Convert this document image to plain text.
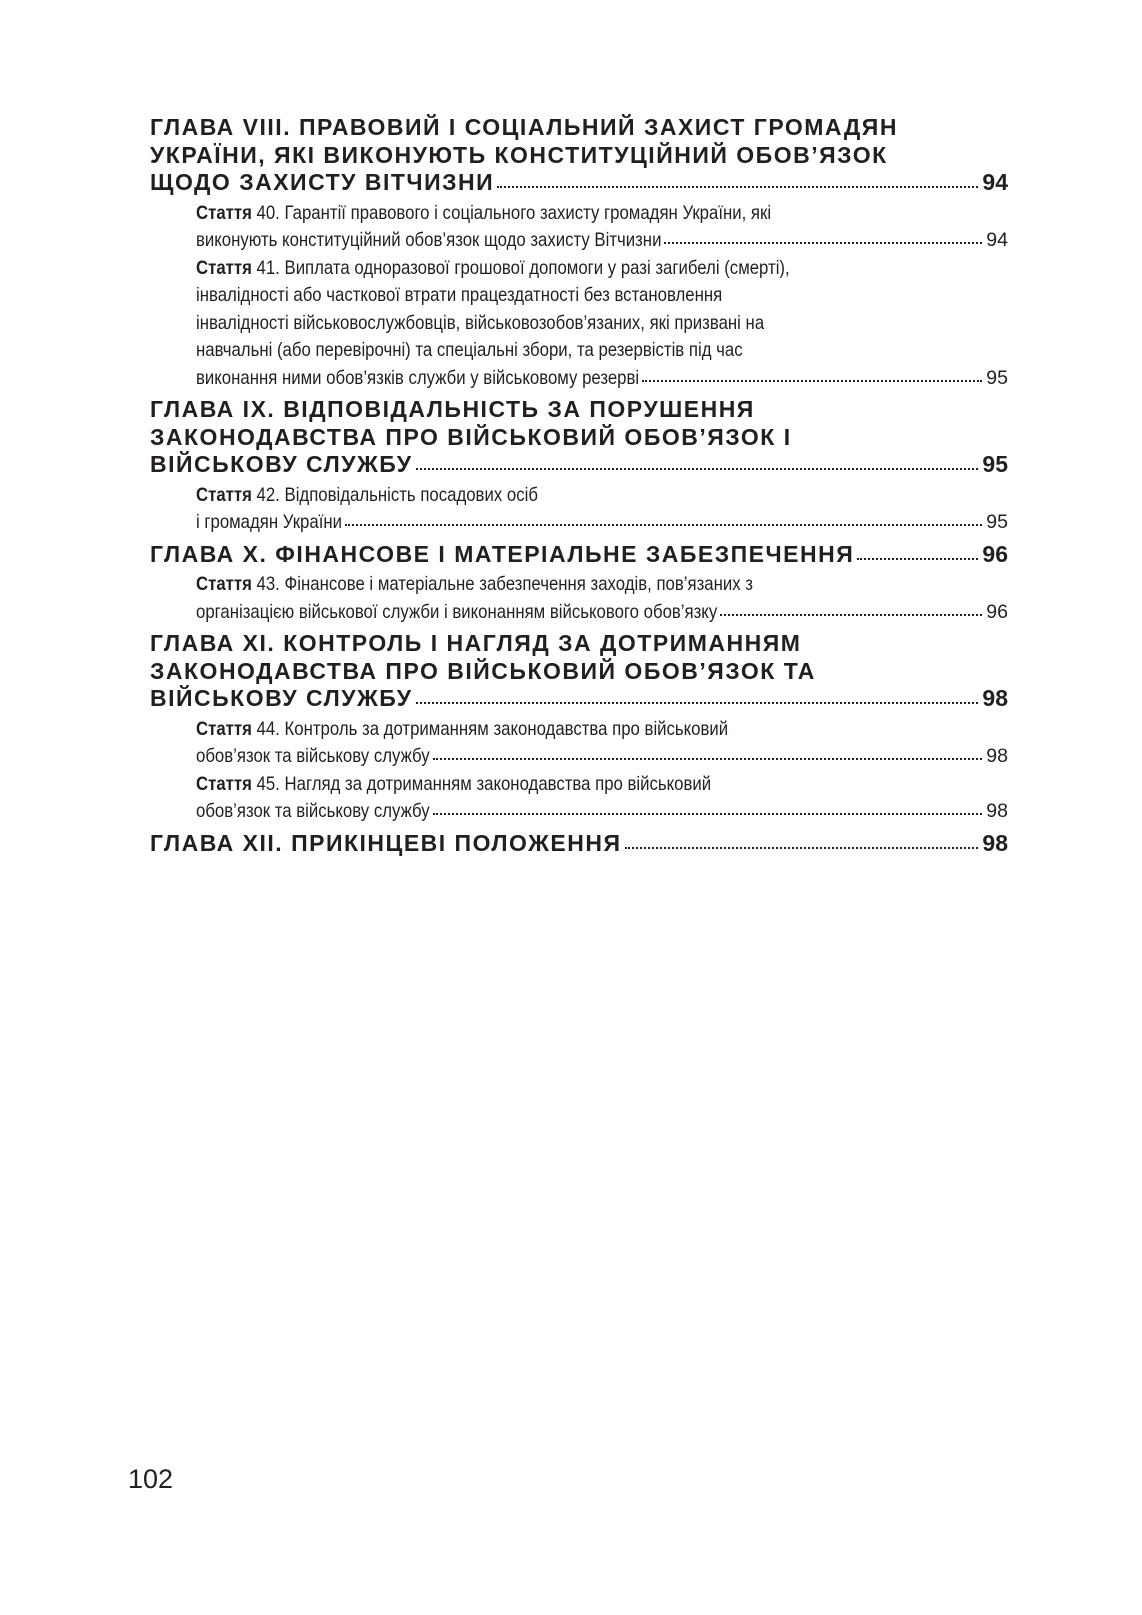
ГЛАВА VIII. ПРАВОВИЙ І СОЦІАЛЬНИЙ ЗАХИСТ ГРОМАДЯН
УКРАЇНИ, ЯКІ ВИКОНУЮТЬ КОНСТИТУЦІЙНИЙ ОБОВ’ЯЗОК
ЩОДО ЗАХИСТУ ВІТЧИЗНИ	94
Стаття 40. Гарантії правового і соціального захисту громадян України, які
виконують конституційний обов’язок щодо захисту Вітчизни	94
Стаття 41. Виплата одноразової грошової допомоги у разі загибелі (смерті),
інвалідності або часткової втрати працездатності без встановлення
інвалідності військовослужбовців, військовозобов’язаних, які призвані на
навчальні (або перевірочні) та спеціальні збори, та резервістів під час
виконання ними обов’язків служби у військовому резерві	95
ГЛАВА IX. ВІДПОВІДАЛЬНІСТЬ ЗА ПОРУШЕННЯ
ЗАКОНОДАВСТВА ПРО ВІЙСЬКОВИЙ ОБОВ’ЯЗОК І
ВІЙСЬКОВУ СЛУЖБУ	95
Стаття 42. Відповідальність посадових осіб
і громадян України	95
ГЛАВА X. ФІНАНСОВЕ І МАТЕРІАЛЬНЕ ЗАБЕЗПЕЧЕННЯ	96
Стаття 43. Фінансове і матеріальне забезпечення заходів, пов’язаних з
організацією військової служби і виконанням військового обов’язку	96
ГЛАВА XI. КОНТРОЛЬ І НАГЛЯД ЗА ДОТРИМАННЯМ
ЗАКОНОДАВСТВА ПРО ВІЙСЬКОВИЙ ОБОВ’ЯЗОК ТА
ВІЙСЬКОВУ СЛУЖБУ	98
Стаття 44. Контроль за дотриманням законодавства про військовий
обов’язок та військову службу	98
Стаття 45. Нагляд за дотриманням законодавства про військовий
обов’язок та військову службу	98
ГЛАВА XII. ПРИКІНЦЕВІ ПОЛОЖЕННЯ	98
102
